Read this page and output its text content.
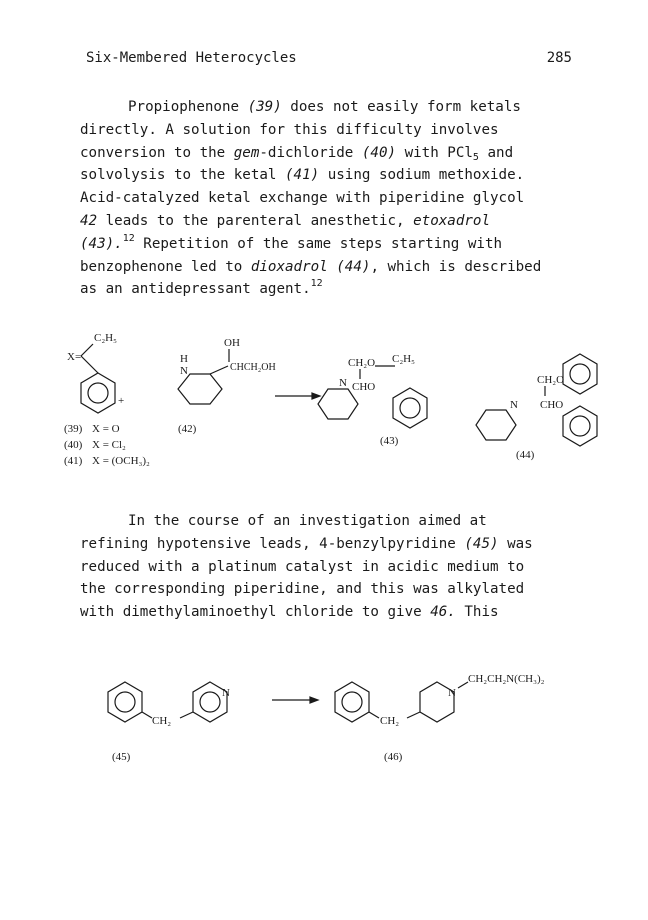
Six-Membered Heterocycles	285
Propiophenone (39) does not easily form ketals
directly. A solution for this difficulty involves
conversion to the gem-dichloride (40) with PCl$_5$ and
solvolysis to the ketal (41) using sodium methoxide.
Acid-catalyzed ketal exchange with piperidine glycol
42 leads to the parenteral anesthetic, etoxadrol
(43).$^{12}$ Repetition of the same steps starting with
benzophenone led to dioxadrol (44), which is described
as an antidepressant agent.$^{12}$
C₂H₅
X=
+
OH
H
N	CHCH₂OH	CH₂O C₂H₅
N CHO
(43)
CH₂O
N CHO
(44)
(39) X = O
(40) X = Cl₂
(41) X = (OCH₃)₂
(42)
In the course of an investigation aimed at
refining hypotensive leads, 4-benzylpyridine (45) was
reduced with a platinum catalyst in acidic medium to
the corresponding piperidine, and this was alkylated
with dimethylaminoethyl chloride to give 46. This
CH₂
N
CH₂
N
CH₂CH₂N(CH₃)₂
(45)	(46)
